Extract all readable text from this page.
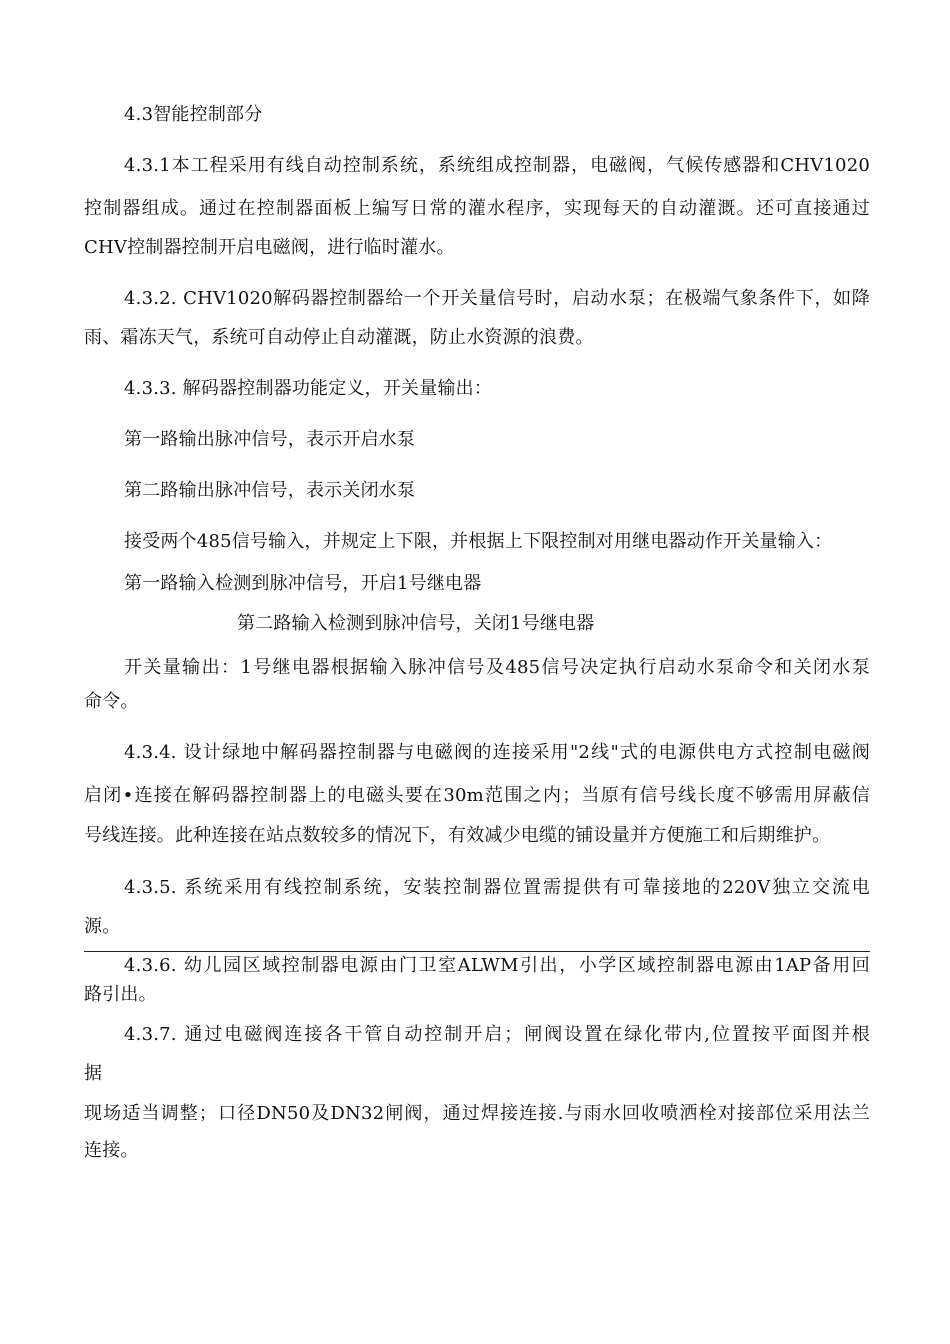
4.3智能控制部分
4.3.1本工程采用有线自动控制系统，系统组成控制器，电磁阀，气候传感器和CHV1020
控制器组成。通过在控制器面板上编写日常的灌水程序，实现每天的自动灌溉。还可直接通过
CHV控制器控制开启电磁阀，进行临时灌水。
4.3.2. CHV1020解码器控制器给一个开关量信号时，启动水泵；在极端气象条件下，如降
雨、霜冻天气，系统可自动停止自动灌溉，防止水资源的浪费。
4.3.3. 解码器控制器功能定义，开关量输出：
第一路输出脉冲信号，表示开启水泵
第二路输出脉冲信号，表示关闭水泵
接受两个485信号输入，并规定上下限，并根据上下限控制对用继电器动作开关量输入：
第一路输入检测到脉冲信号，开启1号继电器
第二路输入检测到脉冲信号，关闭1号继电器
开关量输出：1号继电器根据输入脉冲信号及485信号决定执行启动水泵命令和关闭水泵
命令。
4.3.4. 设计绿地中解码器控制器与电磁阀的连接采用"2线"式的电源供电方式控制电磁阀
启闭•连接在解码器控制器上的电磁头要在30m范围之内；当原有信号线长度不够需用屏蔽信
号线连接。此种连接在站点数较多的情况下，有效减少电缆的铺设量并方便施工和后期维护。
4.3.5. 系统采用有线控制系统，安装控制器位置需提供有可靠接地的220V独立交流电
源。
4.3.6. 幼儿园区域控制器电源由门卫室ALWM引出，小学区域控制器电源由1AP备用回
路引出。
4.3.7. 通过电磁阀连接各干管自动控制开启；闸阀设置在绿化带内,位置按平面图并根
据
现场适当调整；口径DN50及DN32闸阀，通过焊接连接.与雨水回收喷洒栓对接部位采用法兰
连接。
